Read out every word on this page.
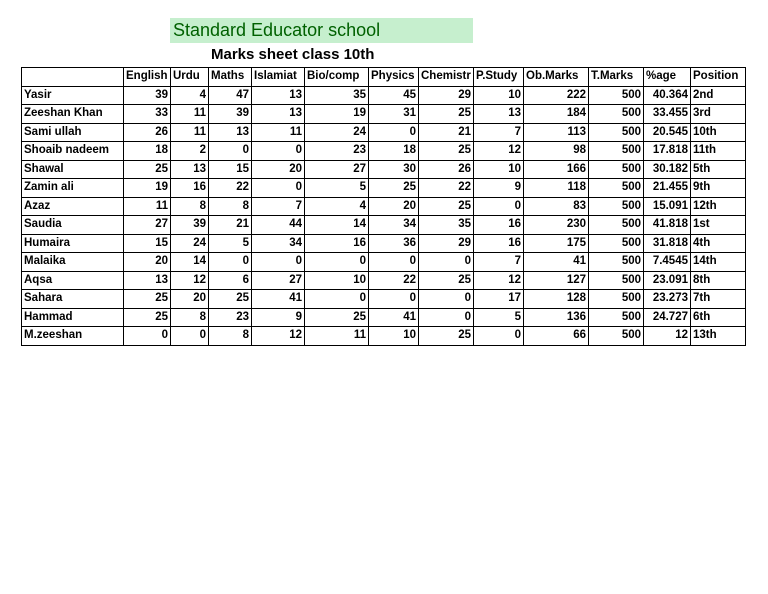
Standard Educator school
Marks sheet class 10th
	English	Urdu	Maths	Islamiat	Bio/comp	Physics	Chemistr	P.Study	Ob.Marks	T.Marks	%age	Position
Yasir	39	4	47	13	35	45	29	10	222	500	40.364	2nd
Zeeshan Khan	33	11	39	13	19	31	25	13	184	500	33.455	3rd
Sami ullah	26	11	13	11	24	0	21	7	113	500	20.545	10th
Shoaib nadeem	18	2	0	0	23	18	25	12	98	500	17.818	11th
Shawal	25	13	15	20	27	30	26	10	166	500	30.182	5th
Zamin ali	19	16	22	0	5	25	22	9	118	500	21.455	9th
Azaz	11	8	8	7	4	20	25	0	83	500	15.091	12th
Saudia	27	39	21	44	14	34	35	16	230	500	41.818	1st
Humaira	15	24	5	34	16	36	29	16	175	500	31.818	4th
Malaika	20	14	0	0	0	0	0	7	41	500	7.4545	14th
Aqsa	13	12	6	27	10	22	25	12	127	500	23.091	8th
Sahara	25	20	25	41	0	0	0	17	128	500	23.273	7th
Hammad	25	8	23	9	25	41	0	5	136	500	24.727	6th
M.zeeshan	0	0	8	12	11	10	25	0	66	500	12	13th
